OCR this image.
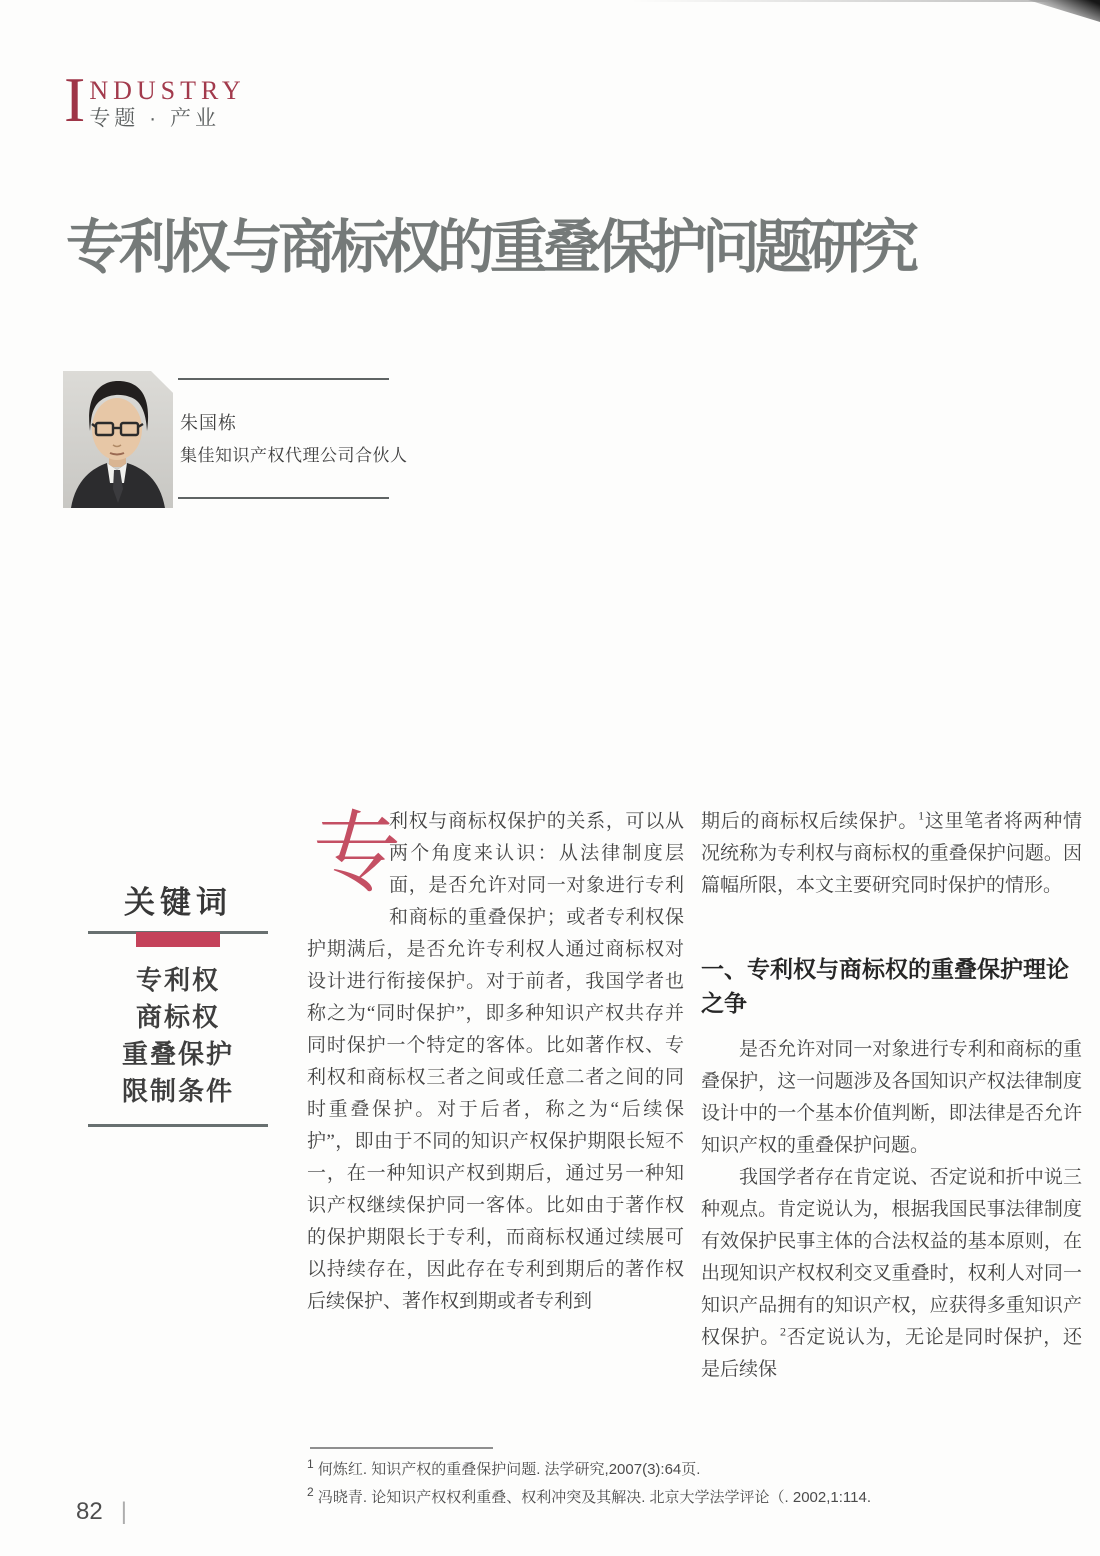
I NDUSTRY
专题 · 产业
专利权与商标权的重叠保护问题研究
朱国栋
集佳知识产权代理公司合伙人
关键词
专利权
商标权
重叠保护
限制条件
专
利权与商标权保护的关系，可以从两个角度来认识：从法律制度层面，是否允许对同一对象进行专利和商标的重叠保护；或者专利权保护期满后，是否允许专利权人通过商标权对设计进行衔接保护。对于前者，我国学者也称之为“同时保护”，即多种知识产权共存并同时保护一个特定的客体。比如著作权、专利权和商标权三者之间或任意二者之间的同时重叠保护。对于后者，称之为“后续保护”，即由于不同的知识产权保护期限长短不一，在一种知识产权到期后，通过另一种知识产权继续保护同一客体。比如由于著作权的保护期限长于专利，而商标权通过续展可以持续存在，因此存在专利到期后的著作权后续保护、著作权到期或者专利到

期后的商标权后续保护。$^1$这里笔者将两种情况统称为专利权与商标权的重叠保护问题。因篇幅所限，本文主要研究同时保护的情形。

一、专利权与商标权的重叠保护理论之争

是否允许对同一对象进行专利和商标的重叠保护，这一问题涉及各国知识产权法律制度设计中的一个基本价值判断，即法律是否允许知识产权的重叠保护问题。

我国学者存在肯定说、否定说和折中说三种观点。肯定说认为，根据我国民事法律制度有效保护民事主体的合法权益的基本原则，在出现知识产权权利交叉重叠时，权利人对同一知识产品拥有的知识产权，应获得多重知识产权保护。$^2$否定说认为，无论是同时保护，还是后续保

$^1$ 何炼红. 知识产权的重叠保护问题. 法学研究,2007(3):64页.
$^2$ 冯晓青. 论知识产权权利重叠、权利冲突及其解决. 北京大学法学评论（. 2002,1:114.
82 |
